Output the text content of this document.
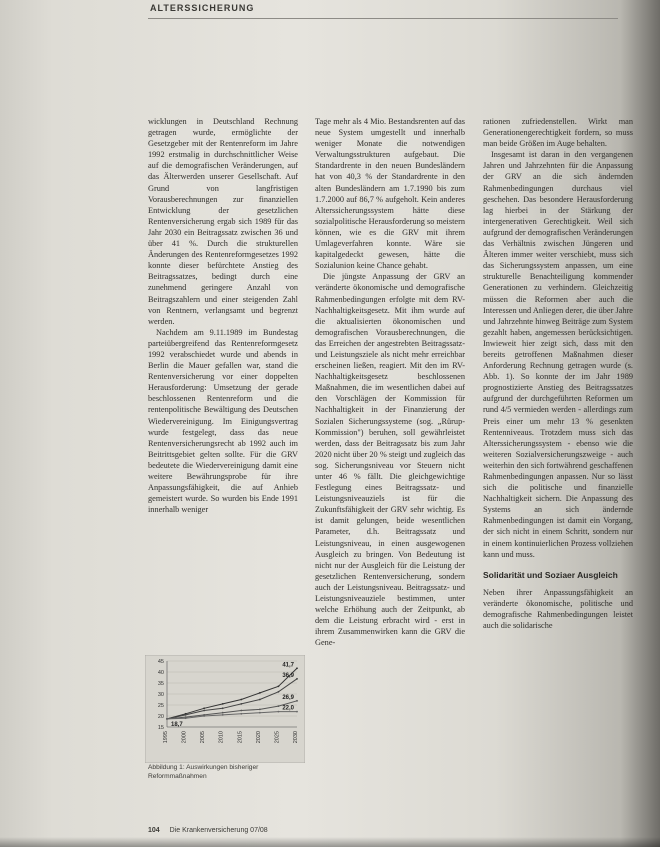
ALTERSSICHERUNG

wicklungen in Deutschland Rechnung getragen wurde, ermöglichte der Gesetzgeber mit der Rentenreform im Jahre 1992 erstmalig in durchschnittlicher Weise auf die demografischen Veränderungen, auf das Älterwerden unserer Gesellschaft. Auf Grund von langfristigen Vorausberechnungen zur finanziellen Entwicklung der gesetzlichen Rentenversicherung ergab sich 1989 für das Jahr 2030 ein Beitragssatz zwischen 36 und über 41 %. Durch die strukturellen Änderungen des Rentenreformgesetzes 1992 konnte dieser befürchtete Anstieg des Beitragssatzes, bedingt durch eine zunehmend geringere Anzahl von Beitragszahlern und einer steigenden Zahl von Rentnern, verlangsamt und begrenzt werden.

Nachdem am 9.11.1989 im Bundestag parteiübergreifend das Rentenreformgesetz 1992 verabschiedet wurde und abends in Berlin die Mauer gefallen war, stand die Rentenversicherung vor einer doppelten Herausforderung: Umsetzung der gerade beschlossenen Rentenreform und die rentenpolitische Bewältigung des Deutschen Wiedervereinigung. Im Einigungsvertrag wurde festgelegt, dass das neue Rentenversicherungsrecht ab 1992 auch im Beitrittsgebiet gelten sollte. Für die GRV bedeutete die Wiedervereinigung damit eine weitere Bewährungsprobe für ihre Anpassungsfähigkeit, die auf Anhieb gemeistert wurde. So wurden bis Ende 1991 innerhalb weniger

Tage mehr als 4 Mio. Bestandsrenten auf das neue System umgestellt und innerhalb weniger Monate die notwendigen Verwaltungsstrukturen aufgebaut. Die Standardrente in den neuen Bundesländern hat von 40,3 % der Standardrente in den alten Bundesländern am 1.7.1990 bis zum 1.7.2000 auf 86,7 % aufgeholt. Kein anderes Alterssicherungssystem hätte diese sozialpolitische Herausforderung so meistern können, wie es die GRV mit ihrem Umlageverfahren konnte. Wäre sie kapitalgedeckt gewesen, hätte die Sozialunion keine Chance gehabt.

Die jüngste Anpassung der GRV an veränderte ökonomische und demografische Rahmenbedingungen erfolgte mit dem RV-Nachhaltigkeitsgesetz. Mit ihm wurde auf die aktualisierten ökonomischen und demografischen Vorausberechnungen, die das Erreichen der angestrebten Beitragssatz- und Leistungsziele als nicht mehr erreichbar erscheinen ließen, reagiert. Mit den im RV-Nachhaltigkeitsgesetz beschlossenen Maßnahmen, die im wesentlichen dabei auf den Vorschlägen der Kommission für Nachhaltigkeit in der Finanzierung der Sozialen Sicherungssysteme (sog. „Rürup-Kommission") beruhen, soll gewährleistet werden, dass der Beitragssatz bis zum Jahr 2020 nicht über 20 % steigt und zugleich das sog. Sicherungsniveau vor Steuern nicht unter 46 % fällt. Die gleichgewichtige Festlegung eines Beitragssatz- und Leistungsniveauziels ist für die Zukunftsfähigkeit der GRV sehr wichtig. Es ist damit gelungen, beide wesentlichen Parameter, d.h. Beitragssatz und Leistungsniveau, in einen ausgewogenen Ausgleich zu bringen. Von Bedeutung ist nicht nur der Ausgleich für die Leistung der gesetzlichen Rentenversicherung, sondern auch der Leistungsniveau. Beitragssatz- und Leistungsniveauziele bestimmen, unter welche Erhöhung auch der Zeitpunkt, ab dem die Leistung erbracht wird - erst in ihrem Zusammenwirken kann die GRV die Gene-

rationen zufriedenstellen. Wirkt man Generationengerechtigkeit fordern, so muss man beide Größen im Auge behalten.

Insgesamt ist daran in den vergangenen Jahren und Jahrzehnten für die Anpassung der GRV an die sich ändernden Rahmenbedingungen durchaus viel geschehen. Das besondere Herausforderung lag hierbei in der Stärkung der intergenerativen Gerechtigkeit. Weil sich aufgrund der demografischen Veränderungen das Verhältnis zwischen Jüngeren und Älteren immer weiter verschiebt, muss sich das Sicherungssystem anpassen, um eine strukturelle Benachteiligung kommender Generationen zu verhindern. Gleichzeitig müssen die Reformen aber auch die Interessen und Anliegen derer, die über Jahre und Jahrzehnte hinweg Beiträge zum System gezahlt haben, angemessen berücksichtigen. Inwieweit hier zeigt sich, dass mit den bereits getroffenen Maßnahmen dieser Anforderung Rechnung getragen wurde (s. Abb. 1). So konnte der im Jahr 1989 prognostizierte Anstieg des Beitragssatzes aufgrund der durchgeführten Reformen um rund 4/5 vermieden werden - allerdings zum Preis einer um mehr 13 % gesenkten Rentenniveaus. Trotzdem muss sich das Alterssicherungssystem - ebenso wie die weiteren Sozialversicherungszweige - auch weiterhin den sich fortwährend geschaffenen Rahmenbedingungen anpassen. Nur so lässt sich die politische und finanzielle Nachhaltigkeit sichern. Die Anpassung des Systems an sich ändernde Rahmenbedingungen ist damit ein Vorgang, der sich nicht in einem Schritt, sondern nur in einem kontinuierlichen Prozess vollziehen kann und muss.

Solidarität und Soziaer Ausgleich

Neben ihrer Anpassungsfähigkeit an veränderte ökonomische, politische und demografische Rahmenbedingungen leistet auch die solidarische

15
20
25
30
35
40
45
1995 2000 2005 2010 2015 2020 2025 2030
41,7
36,9
26,9
22,0
18,7
Abbildung 1: Auswirkungen bisheriger Reformmaßnahmen
104 Die Krankenversicherung 07/08
